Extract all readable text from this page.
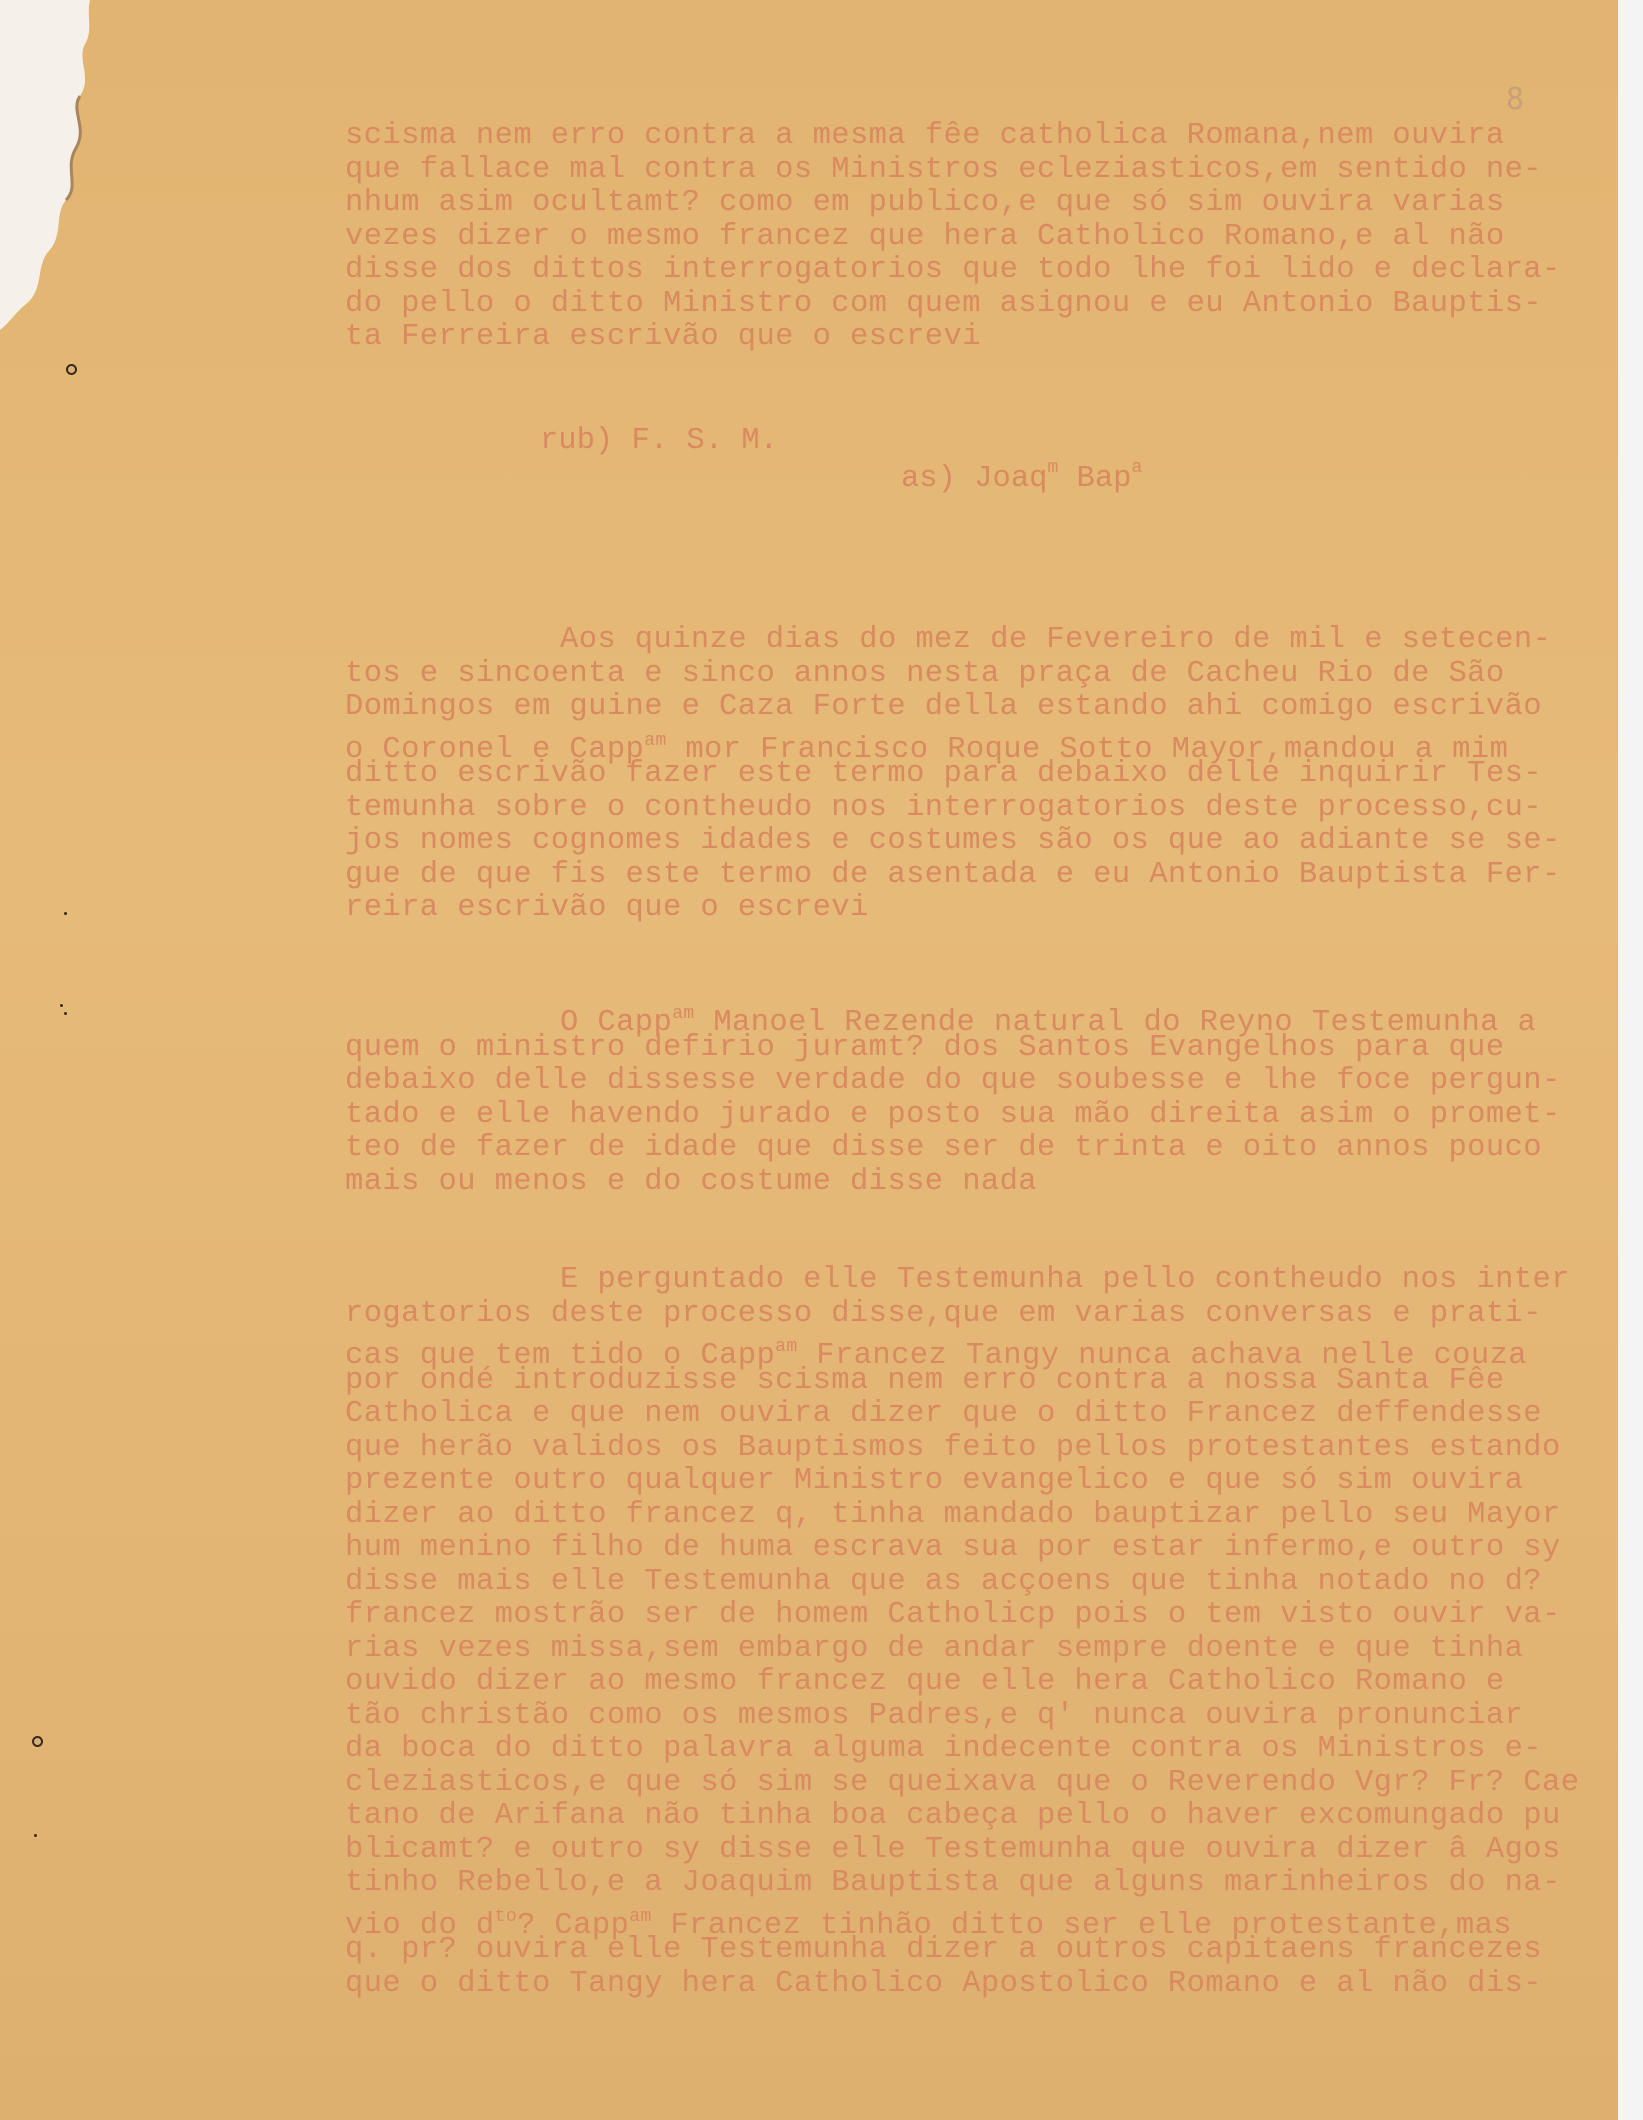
8
scisma nem erro contra a mesma fêe catholica Romana,nem ouvira
que fallace mal contra os Ministros ecleziasticos,em sentido ne-
nhum asim ocultamt? como em publico,e que só sim ouvira varias
vezes dizer o mesmo francez que hera Catholico Romano,e al não
disse dos dittos interrogatorios que todo lhe foi lido e declara-
do pello o ditto Ministro com quem asignou e eu Antonio Bauptis-
ta Ferreira escrivão que o escrevi
rub) F. S. M.
as) Joaq$^m$ Bap$^a$
Aos quinze dias do mez de Fevereiro de mil e setecen-
tos e sincoenta e sinco annos nesta praça de Cacheu Rio de São
Domingos em guine e Caza Forte della estando ahi comigo escrivão
o Coronel e Capp$^{am}$ mor Francisco Roque Sotto Mayor,mandou a mim
ditto escrivão fazer este termo para debaixo delle inquirir Tes-
temunha sobre o contheudo nos interrogatorios deste processo,cu-
jos nomes cognomes idades e costumes são os que ao adiante se se-
gue de que fis este termo de asentada e eu Antonio Bauptista Fer-
reira escrivão que o escrevi
O Capp$^{am}$ Manoel Rezende natural do Reyno Testemunha a
quem o ministro defirio juramt? dos Santos Evangelhos para que
debaixo delle dissesse verdade do que soubesse e lhe foce pergun-
tado e elle havendo jurado e posto sua mão direita asim o promet-
teo de fazer de idade que disse ser de trinta e oito annos pouco
mais ou menos e do costume disse nada
E perguntado elle Testemunha pello contheudo nos inter
rogatorios deste processo disse,que em varias conversas e prati-
cas que tem tido o Capp$^{am}$ Francez Tangy nunca achava nelle couza
por ondé introduzisse scisma nem erro contra a nossa Santa Fêe
Catholica e que nem ouvira dizer que o ditto Francez deffendesse
que herão validos os Bauptismos feito pellos protestantes estando
prezente outro qualquer Ministro evangelico e que só sim ouvira
dizer ao ditto francez q, tinha mandado bauptizar pello seu Mayor
hum menino filho de huma escrava sua por estar infermo,e outro sy
disse mais elle Testemunha que as acçoens que tinha notado no d?
francez mostrão ser de homem Catholicp pois o tem visto ouvir va-
rias vezes missa,sem embargo de andar sempre doente e que tinha
ouvido dizer ao mesmo francez que elle hera Catholico Romano e
tão christão como os mesmos Padres,e q' nunca ouvira pronunciar
da boca do ditto palavra alguma indecente contra os Ministros e-
cleziasticos,e que só sim se queixava que o Reverendo Vgr? Fr? Cae
tano de Arifana não tinha boa cabeça pello o haver excomungado pu
blicamt? e outro sy disse elle Testemunha que ouvira dizer â Agos
tinho Rebello,e a Joaquim Bauptista que alguns marinheiros do na-
vio do $d^{to}$? Capp$^{am}$ Francez tinhão ditto ser elle protestante,mas
q. pr? ouvira elle Testemunha dizer a outros capitaens francezes
que o ditto Tangy hera Catholico Apostolico Romano e al não dis-
